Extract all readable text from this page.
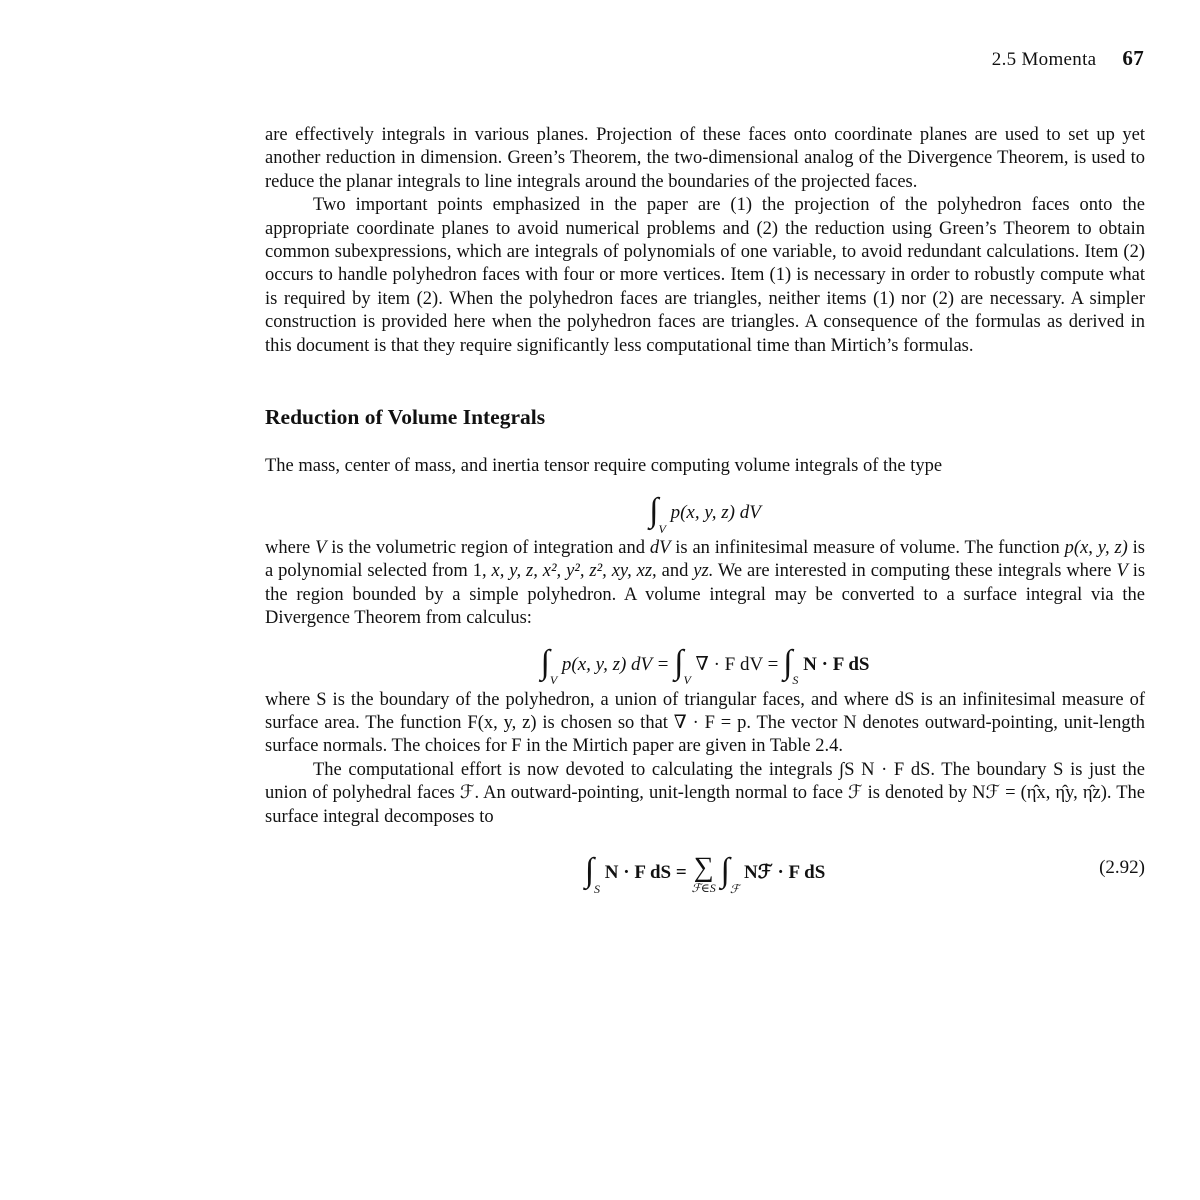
2.5 Momenta 67

are effectively integrals in various planes. Projection of these faces onto coordinate planes are used to set up yet another reduction in dimension. Green’s Theorem, the two-dimensional analog of the Divergence Theorem, is used to reduce the planar integrals to line integrals around the boundaries of the projected faces.

Two important points emphasized in the paper are (1) the projection of the polyhedron faces onto the appropriate coordinate planes to avoid numerical problems and (2) the reduction using Green’s Theorem to obtain common subexpressions, which are integrals of polynomials of one variable, to avoid redundant calculations. Item (2) occurs to handle polyhedron faces with four or more vertices. Item (1) is necessary in order to robustly compute what is required by item (2). When the polyhedron faces are triangles, neither items (1) nor (2) are necessary. A simpler construction is provided here when the polyhedron faces are triangles. A consequence of the formulas as derived in this document is that they require significantly less computational time than Mirtich’s formulas.

Reduction of Volume Integrals

The mass, center of mass, and inertia tensor require computing volume integrals of the type

$\int_V$ p(x, y, z) dV

where V is the volumetric region of integration and dV is an infinitesimal measure of volume. The function p(x, y, z) is a polynomial selected from 1, x, y, z, x², y², z², xy, xz, and yz. We are interested in computing these integrals where V is the region bounded by a simple polyhedron. A volume integral may be converted to a surface integral via the Divergence Theorem from calculus:

$\int_V$ p(x, y, z) dV = $\int_V$ ∇ · F dV = $\int_S$ N · F dS

where S is the boundary of the polyhedron, a union of triangular faces, and where dS is an infinitesimal measure of surface area. The function F(x, y, z) is chosen so that ∇ · F = p. The vector N denotes outward-pointing, unit-length surface normals. The choices for F in the Mirtich paper are given in Table 2.4.

The computational effort is now devoted to calculating the integrals ∫S N · F dS. The boundary S is just the union of polyhedral faces ℱ. An outward-pointing, unit-length normal to face ℱ is denoted by Nℱ = (η̂x, η̂y, η̂z). The surface integral decomposes to

$\int_S$ N · F dS = ∑
ℱ∈S $\int_ℱ$ Nℱ · F dS	(2.92)
